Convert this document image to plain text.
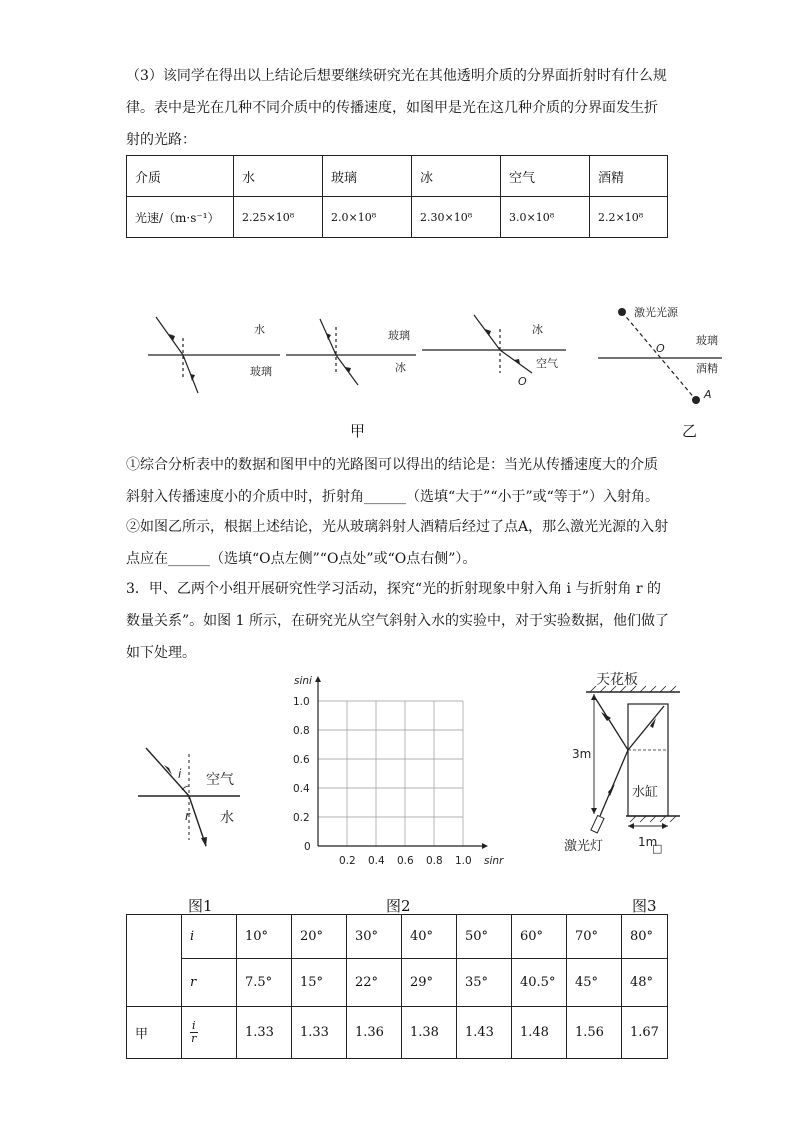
（3）该同学在得出以上结论后想要继续研究光在其他透明介质的分界面折射时有什么规律。表中是光在几种不同介质中的传播速度，如图甲是光在这几种介质的分界面发生折射的光路：

介质	水	玻璃	冰	空气	酒精
光速/（m·s⁻¹）	2.25×10⁸	2.0×10⁸	2.30×10⁸	3.0×10⁸	2.2×10⁸
水
玻璃
玻璃
冰
冰
空气
O
激光光源
玻璃
酒精
O
A
甲	乙

①综合分析表中的数据和图甲中的光路图可以得出的结论是：当光从传播速度大的介质斜射入传播速度小的介质中时，折射角______（选填“大于”“小于”或“等于”）入射角。

②如图乙所示，根据上述结论，光从玻璃斜射人酒精后经过了点A，那么激光光源的入射点应在______（选填“O点左侧”“O点处”或“O点右侧”）。

3．甲、乙两个小组开展研究性学习活动，探究“光的折射现象中射入角 i 与折射角 r 的数量关系”。如图 1 所示，在研究光从空气斜射入水的实验中，对于实验数据，他们做了如下处理。

i
r
空气
水
图1
sini
sinr
0
0.2
0.4
0.6
0.8
1.0
0.2 0.4 0.6 0.8 1.0
图2
天花板
3m
水缸
激光灯	1m
□
图3
	i	10°	20°	30°	40°	50°	60°	70°	80°
	r	7.5°	15°	22°	29°	35°	40.5°	45°	48°
甲	$\frac{i}{r}$	1.33	1.33	1.36	1.38	1.43	1.48	1.56	1.67
